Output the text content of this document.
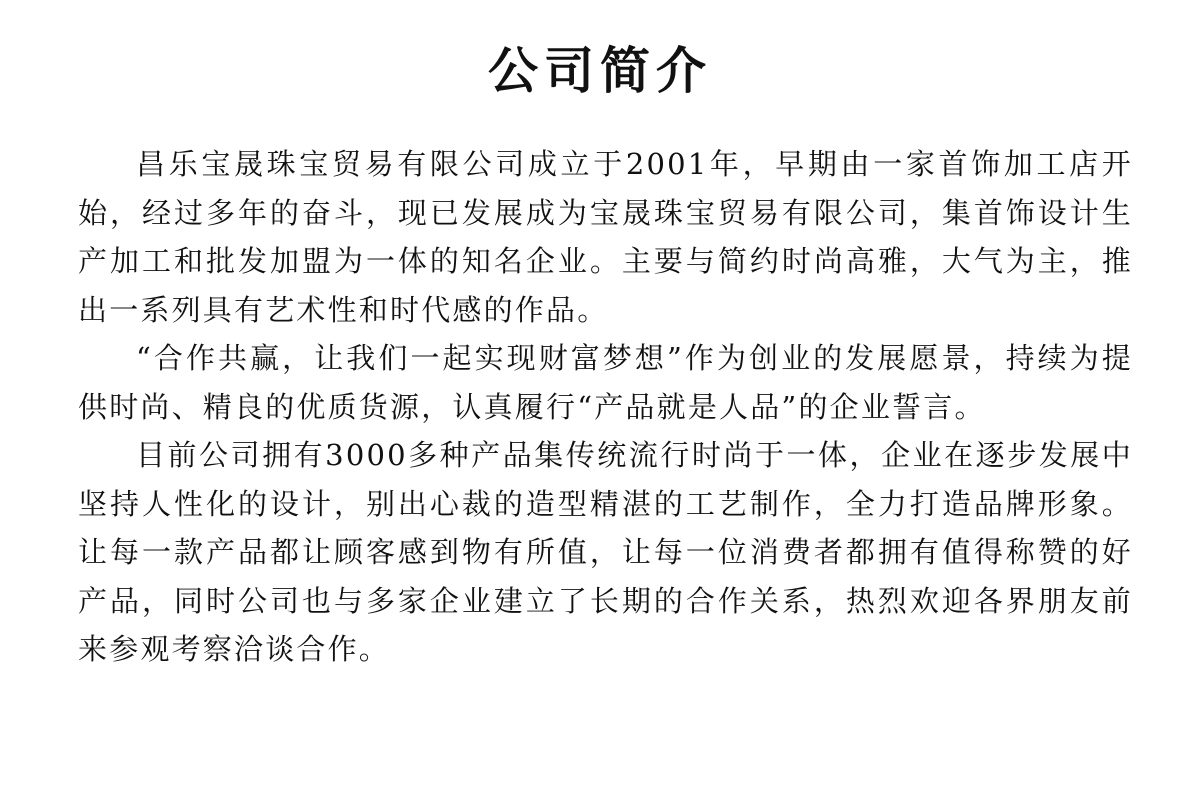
公司简介

昌乐宝晟珠宝贸易有限公司成立于2001年，早期由一家首饰加工店开始，经过多年的奋斗，现已发展成为宝晟珠宝贸易有限公司，集首饰设计生产加工和批发加盟为一体的知名企业。主要与简约时尚高雅，大气为主，推出一系列具有艺术性和时代感的作品。

“合作共赢，让我们一起实现财富梦想”作为创业的发展愿景，持续为提供时尚、精良的优质货源，认真履行“产品就是人品”的企业誓言。

目前公司拥有3000多种产品集传统流行时尚于一体，企业在逐步发展中坚持人性化的设计，别出心裁的造型精湛的工艺制作，全力打造品牌形象。让每一款产品都让顾客感到物有所值，让每一位消费者都拥有值得称赞的好产品，同时公司也与多家企业建立了长期的合作关系，热烈欢迎各界朋友前来参观考察洽谈合作。
